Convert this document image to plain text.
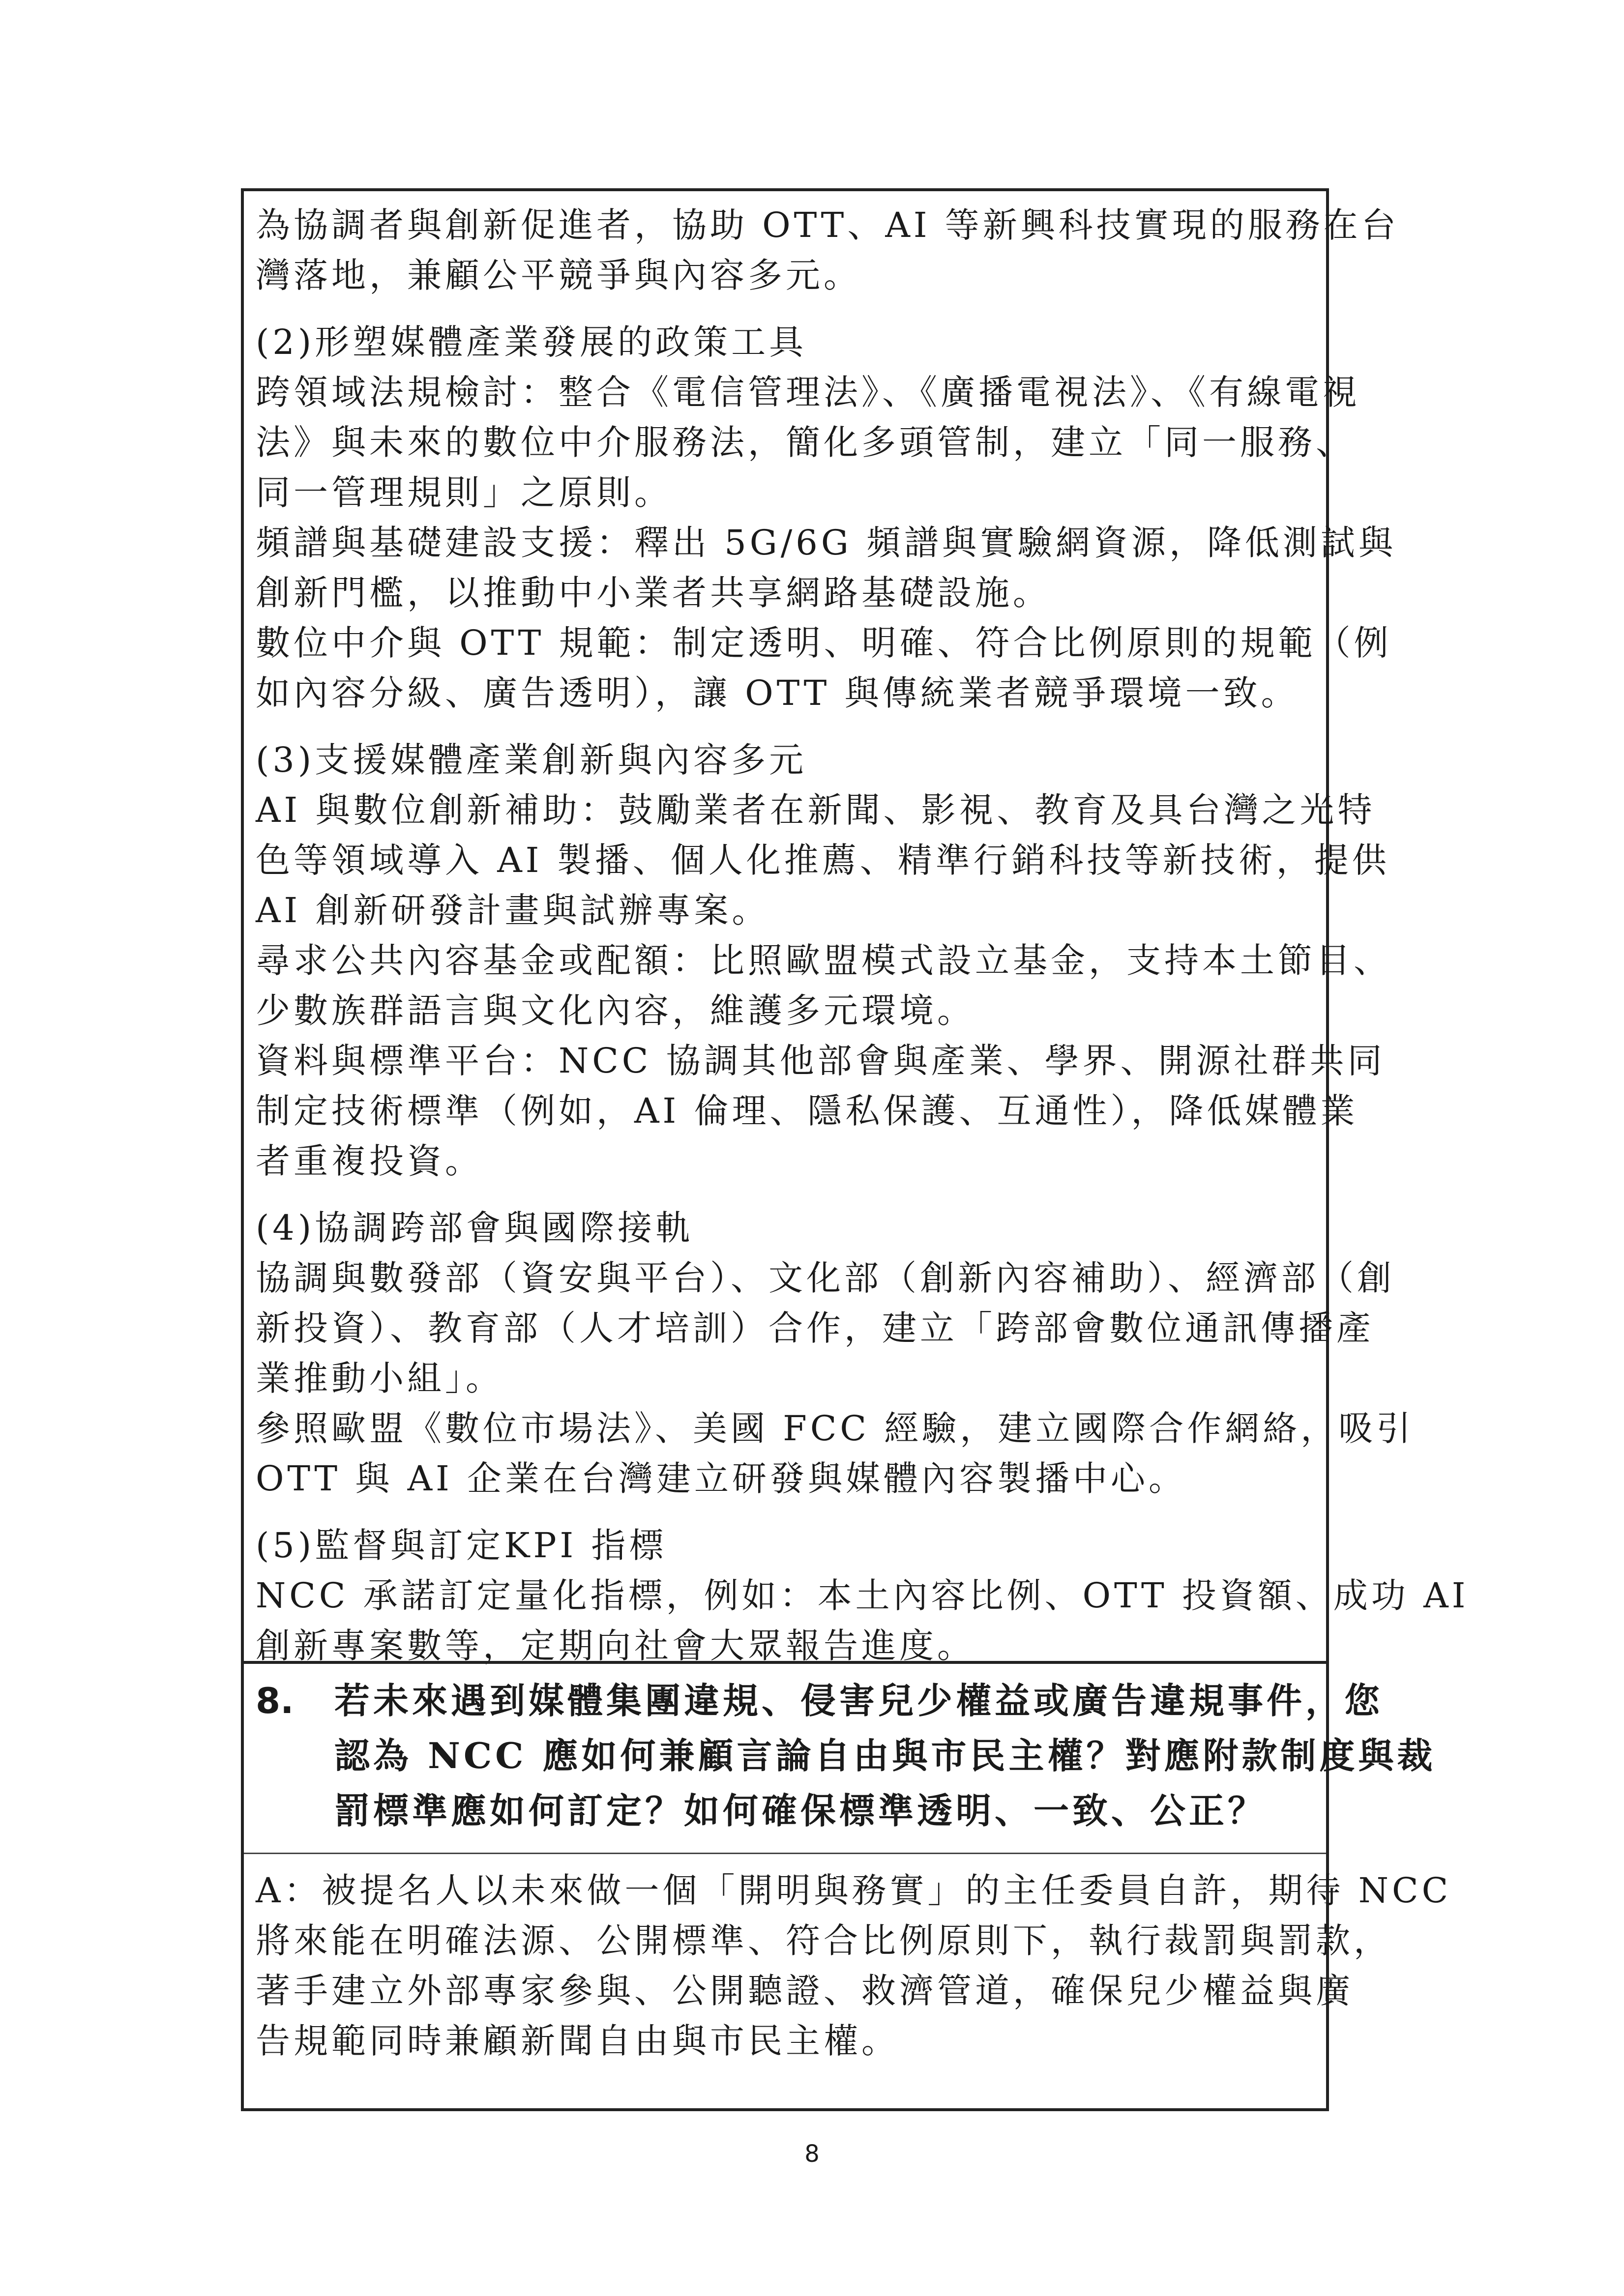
為協調者與創新促進者，協助 OTT、AI 等新興科技實現的服務在台
灣落地，兼顧公平競爭與內容多元。
(2)形塑媒體產業發展的政策工具
跨領域法規檢討：整合《電信管理法》、《廣播電視法》、《有線電視
法》與未來的數位中介服務法，簡化多頭管制，建立「同一服務、
同一管理規則」之原則。
頻譜與基礎建設支援：釋出 5G/6G 頻譜與實驗網資源，降低測試與
創新門檻，以推動中小業者共享網路基礎設施。
數位中介與 OTT 規範：制定透明、明確、符合比例原則的規範（例
如內容分級、廣告透明），讓 OTT 與傳統業者競爭環境一致。
(3)支援媒體產業創新與內容多元
AI 與數位創新補助：鼓勵業者在新聞、影視、教育及具台灣之光特
色等領域導入 AI 製播、個人化推薦、精準行銷科技等新技術，提供
AI 創新研發計畫與試辦專案。
尋求公共內容基金或配額：比照歐盟模式設立基金，支持本土節目、
少數族群語言與文化內容，維護多元環境。
資料與標準平台：NCC 協調其他部會與產業、學界、開源社群共同
制定技術標準（例如，AI 倫理、隱私保護、互通性），降低媒體業
者重複投資。
(4)協調跨部會與國際接軌
協調與數發部（資安與平台）、文化部（創新內容補助）、經濟部（創
新投資）、教育部（人才培訓）合作，建立「跨部會數位通訊傳播產
業推動小組」。
參照歐盟《數位市場法》、美國 FCC 經驗，建立國際合作網絡，吸引
OTT 與 AI 企業在台灣建立研發與媒體內容製播中心。
(5)監督與訂定KPI 指標
NCC 承諾訂定量化指標，例如：本土內容比例、OTT 投資額、成功 AI
創新專案數等，定期向社會大眾報告進度。
8. 若未來遇到媒體集團違規、侵害兒少權益或廣告違規事件，您
認為 NCC 應如何兼顧言論自由與市民主權？對應附款制度與裁
罰標準應如何訂定？如何確保標準透明、一致、公正？
A：被提名人以未來做一個「開明與務實」的主任委員自許，期待 NCC
將來能在明確法源、公開標準、符合比例原則下，執行裁罰與罰款，
著手建立外部專家參與、公開聽證、救濟管道，確保兒少權益與廣
告規範同時兼顧新聞自由與市民主權。
8
